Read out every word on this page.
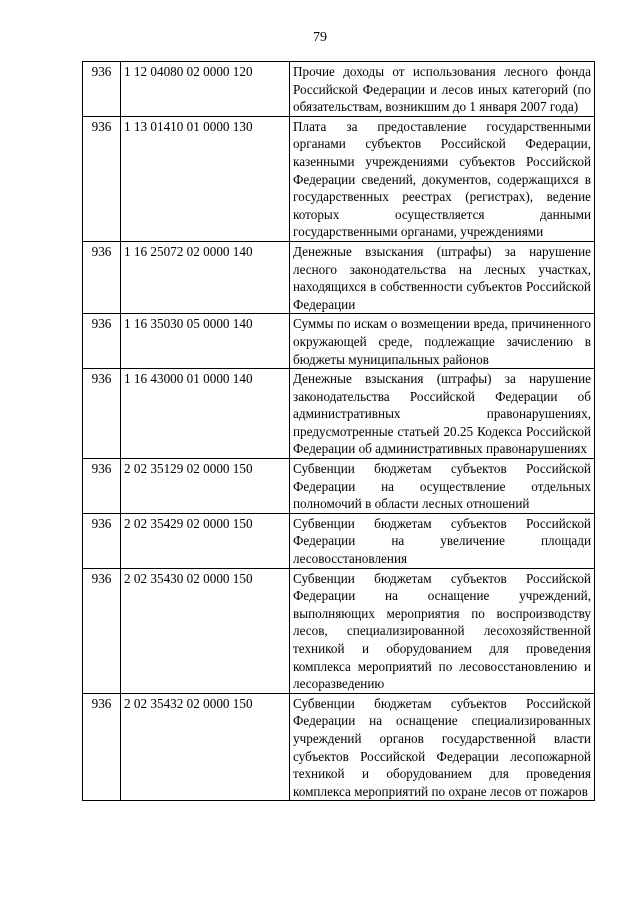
79
936	1 12 04080 02 0000 120	Прочие доходы от использования лесного фонда Российской Федерации и лесов иных категорий (по обязательствам, возникшим до 1 января 2007 года)
936	1 13 01410 01 0000 130	Плата за предоставление государственными органами субъектов Российской Федерации, казенными учреждениями субъектов Российской Федерации сведений, документов, содержащихся в государственных реестрах (регистрах), ведение которых осуществляется данными государственными органами, учреждениями
936	1 16 25072 02 0000 140	Денежные взыскания (штрафы) за нарушение лесного законодательства на лесных участках, находящихся в собственности субъектов Российской Федерации
936	1 16 35030 05 0000 140	Суммы по искам о возмещении вреда, причиненного окружающей среде, подлежащие зачислению в бюджеты муниципальных районов
936	1 16 43000 01 0000 140	Денежные взыскания (штрафы) за нарушение законодательства Российской Федерации об административных правонарушениях, предусмотренные статьей 20.25 Кодекса Российской Федерации об административных правонарушениях
936	2 02 35129 02 0000 150	Субвенции бюджетам субъектов Российской Федерации на осуществление отдельных полномочий в области лесных отношений
936	2 02 35429 02 0000 150	Субвенции бюджетам субъектов Российской Федерации на увеличение площади лесовосстановления
936	2 02 35430 02 0000 150	Субвенции бюджетам субъектов Российской Федерации на оснащение учреждений, выполняющих мероприятия по воспроизводству лесов, специализированной лесохозяйственной техникой и оборудованием для проведения комплекса мероприятий по лесовосстановлению и лесоразведению
936	2 02 35432 02 0000 150	Субвенции бюджетам субъектов Российской Федерации на оснащение специализированных учреждений органов государственной власти субъектов Российской Федерации лесопожарной техникой и оборудованием для проведения комплекса мероприятий по охране лесов от пожаров
